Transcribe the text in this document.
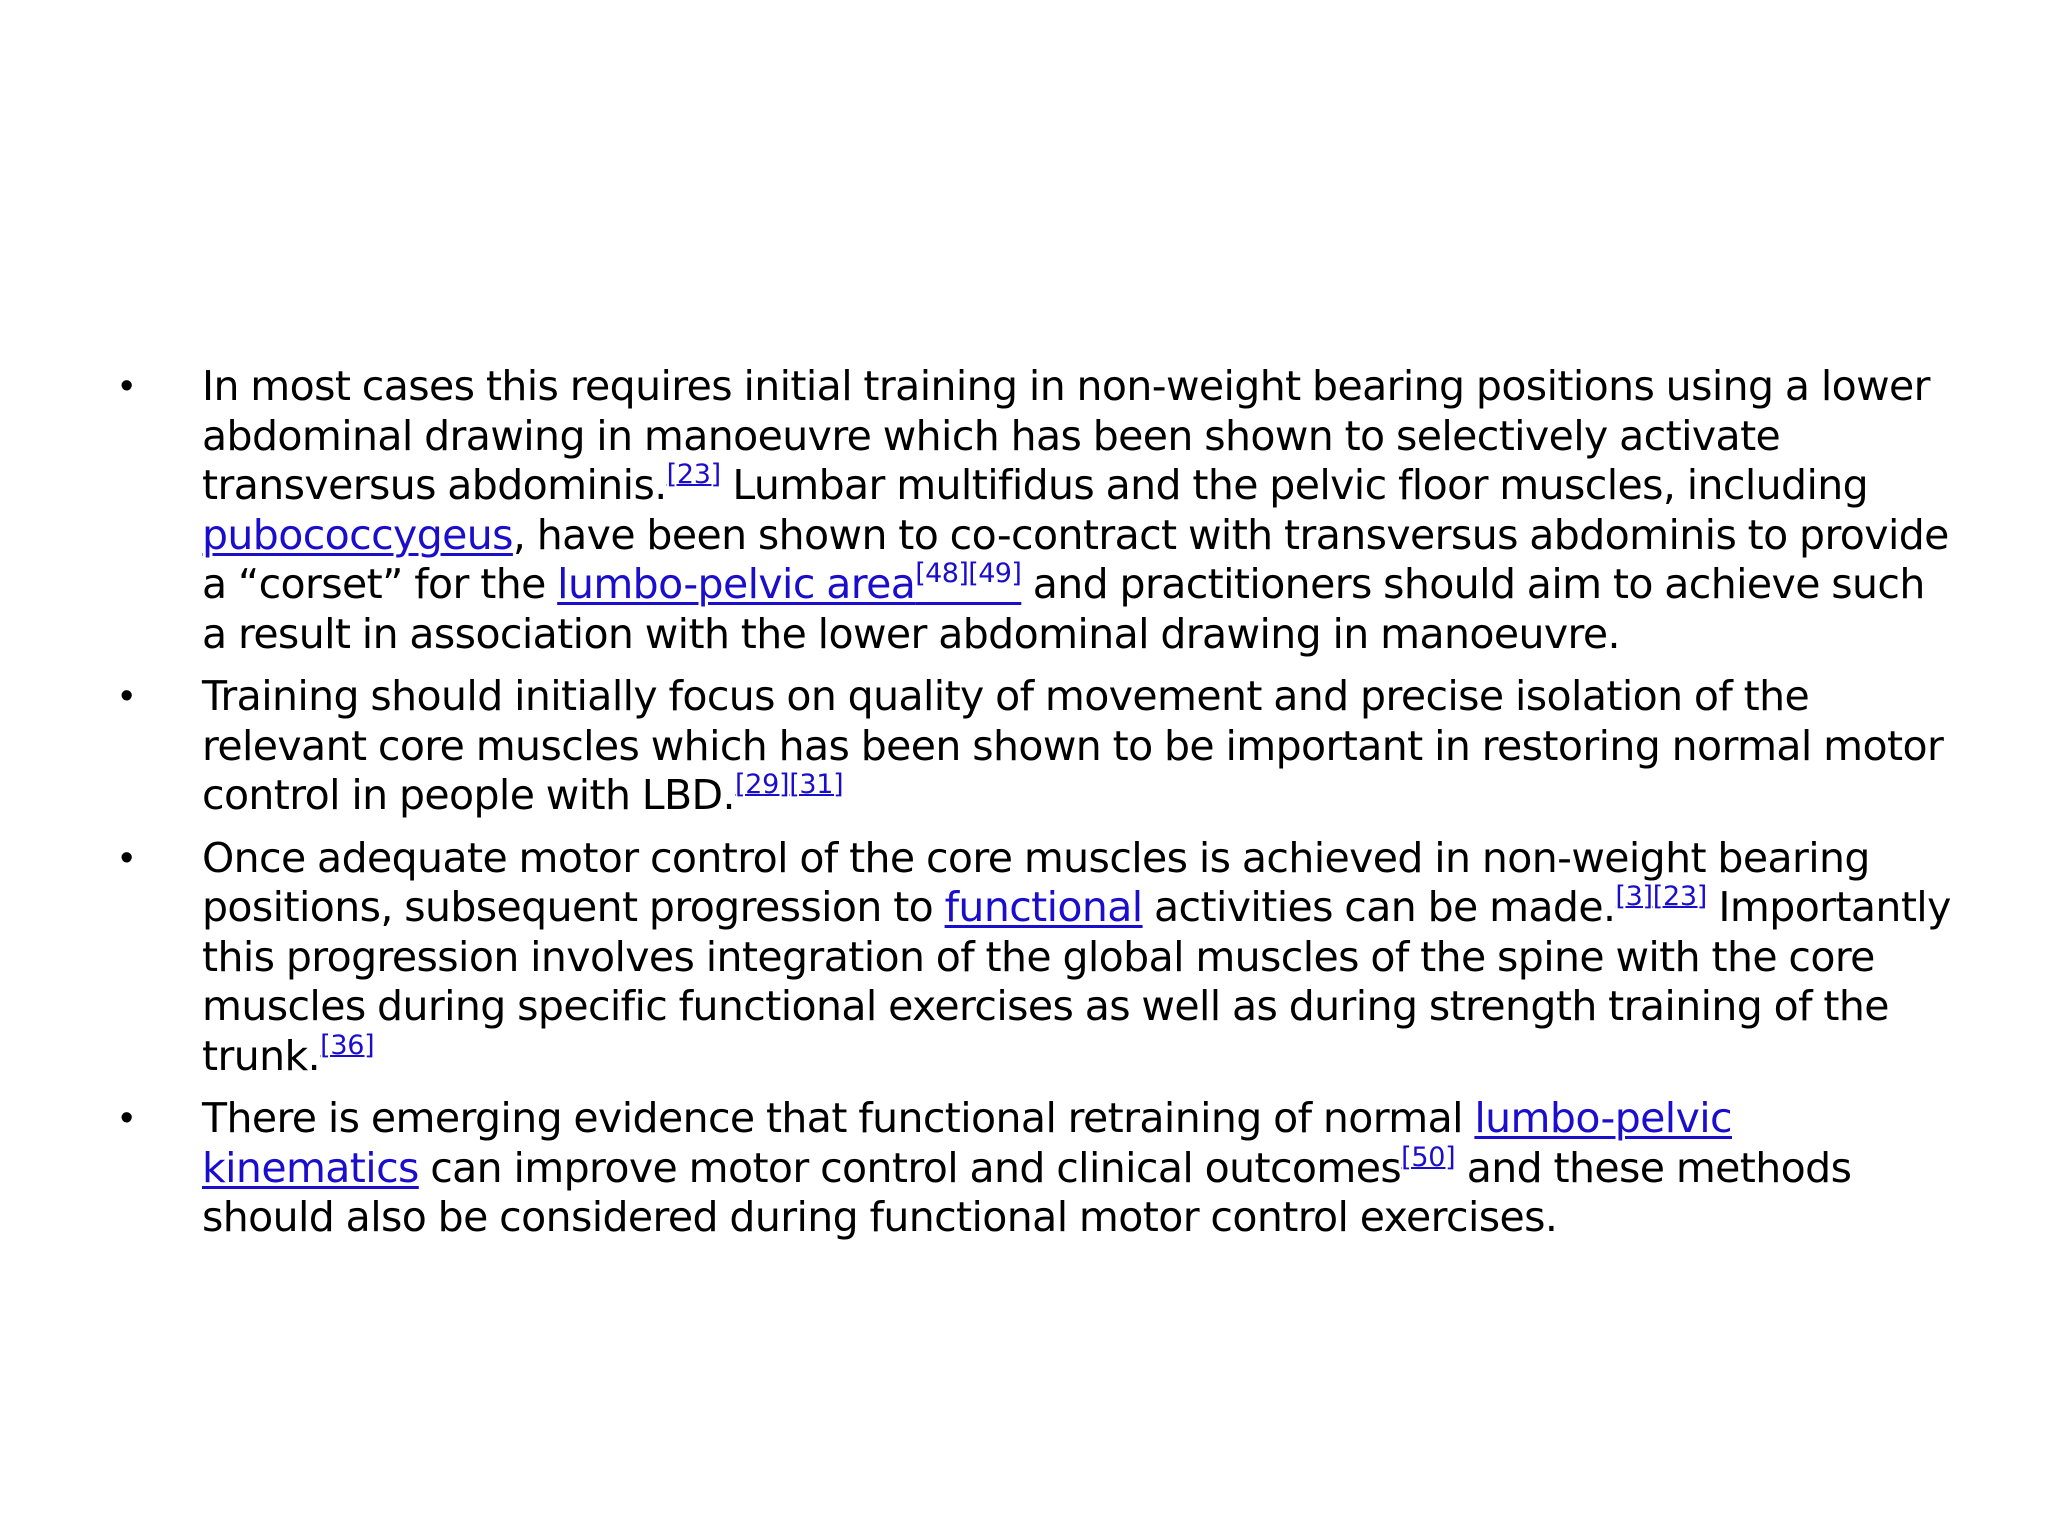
•	In most cases this requires initial training in non-weight bearing positions using a lower abdominal drawing in manoeuvre which has been shown to selectively activate transversus abdominis.[23] Lumbar multifidus and the pelvic floor muscles, including pubococcygeus, have been shown to co-contract with transversus abdominis to provide a “corset” for the lumbo-pelvic area[48][49] and practitioners should aim to achieve such a result in association with the lower abdominal drawing in manoeuvre.
•	Training should initially focus on quality of movement and precise isolation of the relevant core muscles which has been shown to be important in restoring normal motor control in people with LBD.[29][31]
•	Once adequate motor control of the core muscles is achieved in non-weight bearing positions, subsequent progression to functional activities can be made.[3][23] Importantly this progression involves integration of the global muscles of the spine with the core muscles during specific functional exercises as well as during strength training of the trunk.[36]
•	There is emerging evidence that functional retraining of normal lumbo-pelvic kinematics can improve motor control and clinical outcomes[50] and these methods should also be considered during functional motor control exercises.
